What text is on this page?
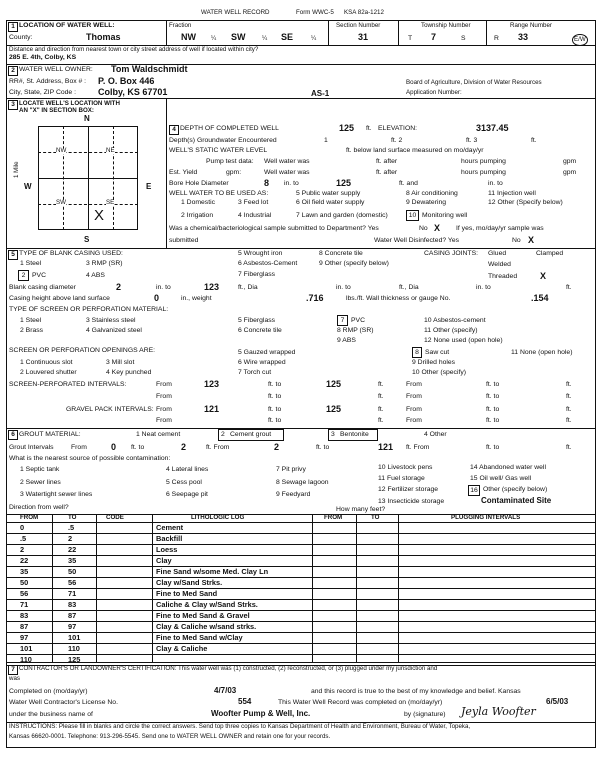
WATER WELL RECORD	Form WWC-5 KSA 82a-1212
1 LOCATION OF WATER WELL:
County:	Thomas
Fraction
NW ¼ SW	¼ SE	¼
Section Number
31
Township Number
T 7	S
Range Number
R 33	E/W
Distance and direction from nearest town or city street address of well if located within city?
285 E. 4th, Colby, KS
2 WATER WELL OWNER: Tom Waldschmidt
RR#, St. Address, Box # : P. O. Box 446
City, State, ZIP Code : Colby, KS 67701	AS-1
Board of Agriculture, Division of Water Resources
Application Number:
3 LOCATE WELL'S LOCATION WITH
AN "X" IN SECTION BOX:
N
S
W	E
1 Mile
NW	NE
SW	SE
X
4 DEPTH OF COMPLETED WELL	125 ft. ELEVATION:	3137.45
Depth(s) Groundwater Encountered	1	ft. 2	ft. 3	ft.
WELL'S STATIC WATER LEVEL	ft. below land surface measured on mo/day/yr
Pump test data: Well water was	ft. after	hours pumping	gpm
Est. Yield	gpm:	Well water was	ft. after	hours pumping	gpm
Bore Hole Diameter	8 in. to	125	ft. and	in. to
WELL WATER TO BE USED AS:	5 Public water supply	8 Air conditioning	11 Injection well
1 Domestic	3 Feed lot	6 Oil field water supply	9 Dewatering	12 Other (Specify below)
2 Irrigation	4 Industrial	7 Lawn and garden (domestic)	10 Monitoring well
Was a chemical/bacteriological sample submitted to Department? Yes	No X If yes, mo/day/yr sample was
submitted	Water Well Disinfected? Yes	No X
5 TYPE OF BLANK CASING USED:
1 Steel	3 RMP (SR)
5 Wrought iron	8 Concrete tile
2 PVC	4 ABS
6 Asbestos-Cement
7 Fiberglass
9 Other (specify below)
CASING JOINTS: Glued	Clamped
Welded
Threaded	X
Blank casing diameter	2	in. to	123	ft., Dia	in. to	ft., Dia	in. to	ft.
Casing height above land surface	0	in., weight	.716	lbs./ft. Wall thickness or gauge No.	.154
TYPE OF SCREEN OR PERFORATION MATERIAL:
1 Steel	3 Stainless steel	5 Fiberglass	7 PVC	10 Asbestos-cement
2 Brass	4 Galvanized steel	6 Concrete tile	8 RMP (SR)	11 Other (specify)
9 ABS	12 None used (open hole)
SCREEN OR PERFORATION OPENINGS ARE:	5 Gauzed wrapped	8 Saw cut	11 None (open hole)
1 Continuous slot	3 Mill slot	6 Wire wrapped	9 Drilled holes
2 Louvered shutter	4 Key punched	7 Torch cut	10 Other (specify)
SCREEN-PERFORATED INTERVALS:	From	123	ft. to	125	ft.	From	ft. to	ft.
From	ft. to	ft.	From	ft. to	ft.
GRAVEL PACK INTERVALS: From	121	ft. to	125	ft.	From	ft. to	ft.
From	ft. to	ft.	From	ft. to	ft.
6 GROUT MATERIAL:	1 Neat cement	2 Cement grout	3 Bentonite	4 Other
Grout Intervals	From	0 ft. to	2	ft. From	2	ft. to	121 ft. From	ft. to	ft.
What is the nearest source of possible contamination:
1 Septic tank	4 Lateral lines	7 Pit privy	10 Livestock pens	14 Abandoned water well
2 Sewer lines	5 Cess pool	8 Sewage lagoon
11 Fuel storage	15 Oil well/ Gas well
3 Watertight sewer lines	6 Seepage pit	9 Feedyard
12 Fertilizer storage	16 Other (specify below)
13 Insecticide storage	Contaminated Site
Direction from well?	How many feet?
FROM	TO	CODE	LITHOLOGIC LOG	FROM	TO	PLUGGING INTERVALS
0	.5	Cement
.5	2	Backfill
2	22	Loess
22	35	Clay
35	50	Fine Sand w/some Med. Clay Ln
50	56	Clay w/Sand Strks.
56	71	Fine to Med Sand
71	83	Caliche & Clay w/Sand Strks.
83	87	Fine to Med Sand & Gravel
87	97	Clay & Caliche w/sand strks.
97	101	Fine to Med Sand w/Clay
101	110	Clay & Caliche
110	125
7 CONTRACTOR'S OR LANDOWNER'S CERTIFICATION: This water well was (1) constructed, (2) reconstructed, or (3) plugged under my jurisdiction and
was
Completed on (mo/day/yr)	4/7/03	and this record is true to the best of my knowledge and belief. Kansas
Water Well Contractor's License No.	554	This Water Well Record was completed on (mo/day/yr)	6/5/03
under the business name of	Woofter Pump & Well, Inc.	by (signature) Jeyla Woofter
INSTRUCTIONS: Please fill in blanks and circle the correct answers. Send top three copies to Kansas Department of Health and Environment, Bureau of Water, Topeka,
Kansas 66620-0001. Telephone: 913-296-5545. Send one to WATER WELL OWNER and retain one for your records.
